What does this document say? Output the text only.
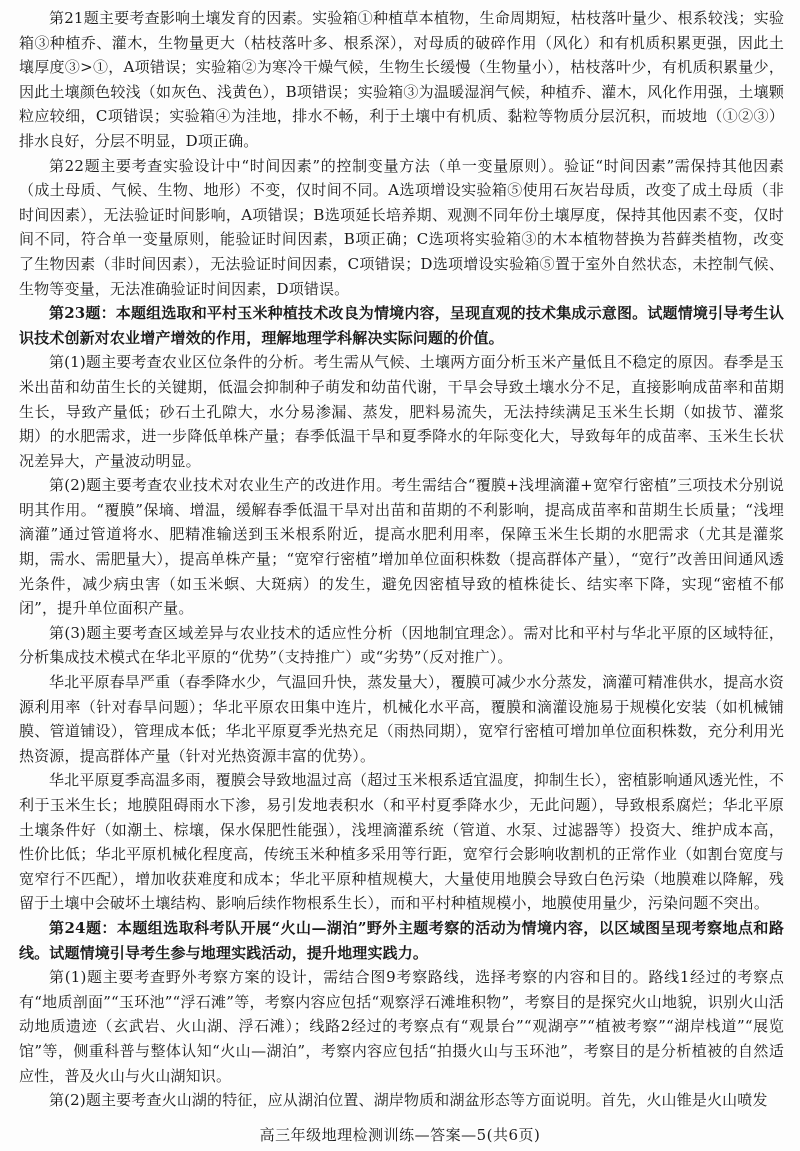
第21题主要考查影响土壤发育的因素。实验箱①种植草本植物，生命周期短，枯枝落叶量少、根系较浅；实验箱③种植乔、灌木，生物量更大（枯枝落叶多、根系深），对母质的破碎作用（风化）和有机质积累更强，因此土壤厚度③>①，A项错误；实验箱②为寒冷干燥气候，生物生长缓慢（生物量小），枯枝落叶少，有机质积累量少，因此土壤颜色较浅（如灰色、浅黄色），B项错误；实验箱③为温暖湿润气候，种植乔、灌木，风化作用强，土壤颗粒应较细，C项错误；实验箱④为洼地，排水不畅，利于土壤中有机质、黏粒等物质分层沉积，而坡地（①②③）排水良好，分层不明显，D项正确。

第22题主要考查实验设计中“时间因素”的控制变量方法（单一变量原则）。验证“时间因素”需保持其他因素（成土母质、气候、生物、地形）不变，仅时间不同。A选项增设实验箱⑤使用石灰岩母质，改变了成土母质（非时间因素），无法验证时间影响，A项错误；B选项延长培养期、观测不同年份土壤厚度，保持其他因素不变，仅时间不同，符合单一变量原则，能验证时间因素，B项正确；C选项将实验箱③的木本植物替换为苔藓类植物，改变了生物因素（非时间因素），无法验证时间因素，C项错误；D选项增设实验箱⑤置于室外自然状态，未控制气候、生物等变量，无法准确验证时间因素，D项错误。

第23题：本题组选取和平村玉米种植技术改良为情境内容，呈现直观的技术集成示意图。试题情境引导考生认识技术创新对农业增产增效的作用，理解地理学科解决实际问题的价值。

第(1)题主要考查农业区位条件的分析。考生需从气候、土壤两方面分析玉米产量低且不稳定的原因。春季是玉米出苗和幼苗生长的关键期，低温会抑制种子萌发和幼苗代谢，干旱会导致土壤水分不足，直接影响成苗率和苗期生长，导致产量低；砂石土孔隙大，水分易渗漏、蒸发，肥料易流失，无法持续满足玉米生长期（如拔节、灌浆期）的水肥需求，进一步降低单株产量；春季低温干旱和夏季降水的年际变化大，导致每年的成苗率、玉米生长状况差异大，产量波动明显。

第(2)题主要考查农业技术对农业生产的改进作用。考生需结合“覆膜+浅埋滴灌+宽窄行密植”三项技术分别说明其作用。“覆膜”保墒、增温，缓解春季低温干旱对出苗和苗期的不利影响，提高成苗率和苗期生长质量；“浅埋滴灌”通过管道将水、肥精准输送到玉米根系附近，提高水肥利用率，保障玉米生长期的水肥需求（尤其是灌浆期，需水、需肥量大），提高单株产量；“宽窄行密植”增加单位面积株数（提高群体产量），“宽行”改善田间通风透光条件，减少病虫害（如玉米螟、大斑病）的发生，避免因密植导致的植株徒长、结实率下降，实现“密植不郁闭”，提升单位面积产量。

第(3)题主要考查区域差异与农业技术的适应性分析（因地制宜理念）。需对比和平村与华北平原的区域特征，分析集成技术模式在华北平原的“优势”（支持推广）或“劣势”（反对推广）。

华北平原春旱严重（春季降水少，气温回升快，蒸发量大），覆膜可减少水分蒸发，滴灌可精准供水，提高水资源利用率（针对春旱问题）；华北平原农田集中连片，机械化水平高，覆膜和滴灌设施易于规模化安装（如机械铺膜、管道铺设），管理成本低；华北平原夏季光热充足（雨热同期），宽窄行密植可增加单位面积株数，充分利用光热资源，提高群体产量（针对光热资源丰富的优势）。

华北平原夏季高温多雨，覆膜会导致地温过高（超过玉米根系适宜温度，抑制生长），密植影响通风透光性，不利于玉米生长；地膜阻碍雨水下渗，易引发地表积水（和平村夏季降水少，无此问题），导致根系腐烂；华北平原土壤条件好（如潮土、棕壤，保水保肥性能强），浅埋滴灌系统（管道、水泵、过滤器等）投资大、维护成本高，性价比低；华北平原机械化程度高，传统玉米种植多采用等行距，宽窄行会影响收割机的正常作业（如割台宽度与宽窄行不匹配），增加收获难度和成本；华北平原种植规模大，大量使用地膜会导致白色污染（地膜难以降解，残留于土壤中会破坏土壤结构、影响后续作物根系生长），而和平村种植规模小，地膜使用量少，污染问题不突出。

第24题：本题组选取科考队开展“火山—湖泊”野外主题考察的活动为情境内容，以区域图呈现考察地点和路线。试题情境引导考生参与地理实践活动，提升地理实践力。

第(1)题主要考查野外考察方案的设计，需结合图9考察路线，选择考察的内容和目的。路线1经过的考察点有“地质剖面”“玉环池”“浮石滩”等，考察内容应包括“观察浮石滩堆积物”，考察目的是探究火山地貌，识别火山活动地质遗迹（玄武岩、火山湖、浮石滩）；线路2经过的考察点有“观景台”“观湖亭”“植被考察”“湖岸栈道”“展览馆”等，侧重科普与整体认知“火山—湖泊”，考察内容应包括“拍摄火山与玉环池”，考察目的是分析植被的自然适应性，普及火山与火山湖知识。

第(2)题主要考查火山湖的特征，应从湖泊位置、湖岸物质和湖盆形态等方面说明。首先，火山锥是火山喷发

高三年级地理检测训练—答案—5(共6页)
